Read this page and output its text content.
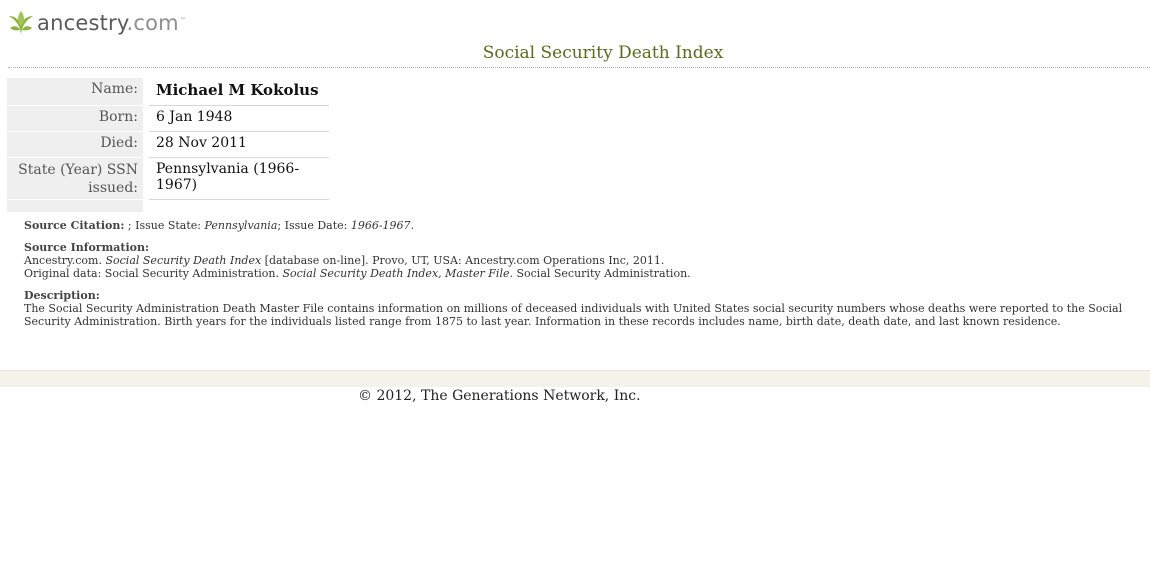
ancestry.com™
Social Security Death Index
Name:		Michael M Kokolus
Born:		6 Jan 1948
Died:		28 Nov 2011
State (Year) SSN issued:		Pennsylvania (1966-1967)

Source Citation: ; Issue State: Pennsylvania; Issue Date: 1966-1967.

Source Information:
Ancestry.com. Social Security Death Index [database on-line]. Provo, UT, USA: Ancestry.com Operations Inc, 2011.
Original data: Social Security Administration. Social Security Death Index, Master File. Social Security Administration.

Description:
The Social Security Administration Death Master File contains information on millions of deceased individuals with United States social security numbers whose deaths were reported to the Social Security Administration. Birth years for the individuals listed range from 1875 to last year. Information in these records includes name, birth date, death date, and last known residence.

© 2012, The Generations Network, Inc.
